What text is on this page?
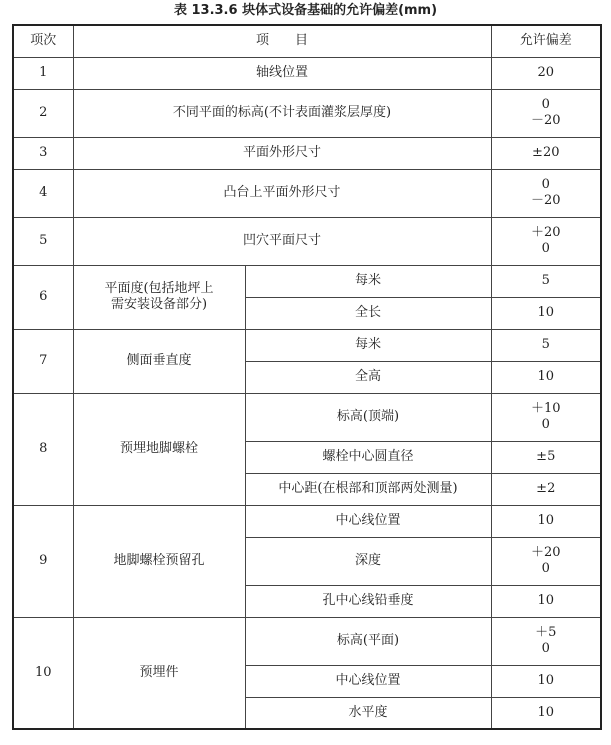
表 13.3.6 块体式设备基础的允许偏差(mm)
项次	项　　目		允许偏差
1	轴线位置		20
2	不同平面的标高(不计表面灌浆层厚度)		0
－20

3	平面外形尺寸		±20
4	凸台上平面外形尺寸		0
－20

5	凹穴平面尺寸		＋20
0

6	平面度(包括地坪上
需安装设备部分)	每米	5
		全长	10
7	侧面垂直度	每米	5
		全高	10
8	预埋地脚螺栓	标高(顶端)	＋10
0

		螺栓中心圆直径	±5
		中心距(在根部和顶部两处测量)	±2
9	地脚螺栓预留孔	中心线位置	10
		深度	＋20
0

		孔中心线铅垂度	10
10	预埋件	标高(平面)	＋5
0

		中心线位置	10
		水平度	10
